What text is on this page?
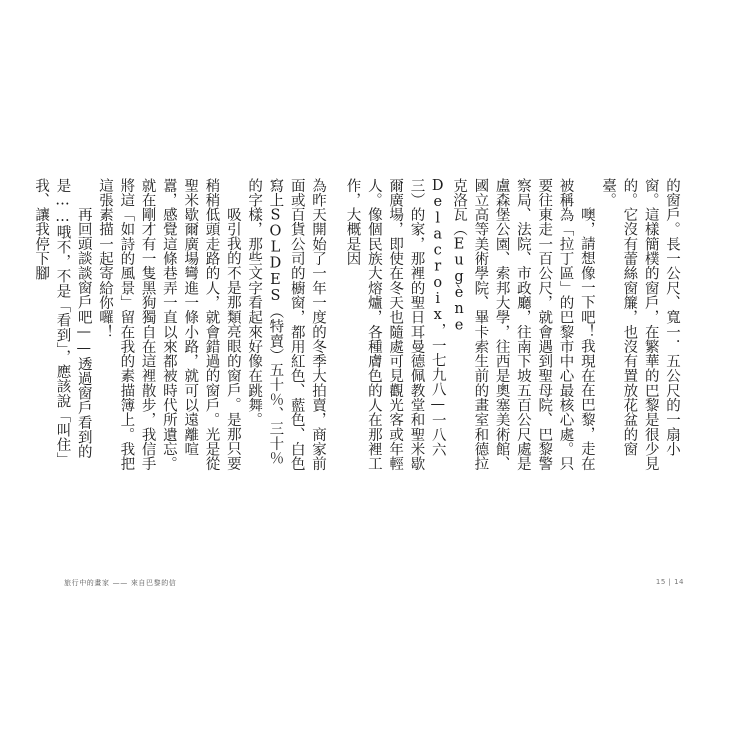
的窗戶。長一公尺、寬一．五公尺的一扇小窗。這樣簡樸的窗戶，在繁華的巴黎是很少見的。它沒有蕾絲窗簾，也沒有置放花盆的窗臺。

噢，請想像一下吧！我現在在巴黎，走在被稱為「拉丁區」的巴黎市中心最核心處。只要往東走一百公尺，就會遇到聖母院、巴黎警察局、法院、市政廳，往南下坡五百公尺處是盧森堡公園、索邦大學，往西是奧塞美術館、國立高等美術學院、畢卡索生前的畫室和德拉克洛瓦（Eugène Delacroix，一七九八—一八六三）的家，那裡的聖日耳曼德佩教堂和聖米歇爾廣場，即使在冬天也隨處可見觀光客或年輕人。像個民族大熔爐，各種膚色的人在那裡工作，大概是因

為昨天開始了一年一度的冬季大拍賣，商家前面或百貨公司的櫥窗，都用紅色、藍色、白色寫上SOLDES（特賣）五十％、三十％的字樣，那些文字看起來好像在跳舞。

吸引我的不是那類亮眼的窗戶。是那只要稍稍低頭走路的人，就會錯過的窗戶。光是從聖米歇爾廣場彎進一條小路，就可以遠離喧囂，感覺這條巷弄一直以來都被時代所遺忘。就在剛才有一隻黑狗獨自在這裡散步，我信手將這「如詩的風景」留在我的素描簿上。我把這張素描一起寄給你囉！

再回頭談談窗戶吧——透過窗戶看到的是……哦不，不是「看到」，應該說「叫住」我、讓我停下腳

旅行中的畫家 —— 來自巴黎的信	15 | 14
